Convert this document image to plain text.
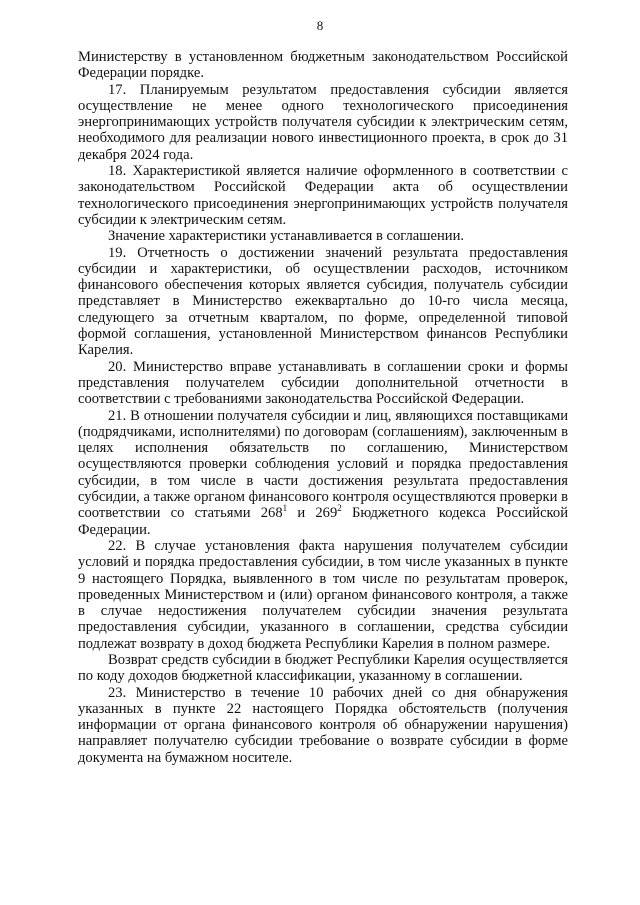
8

Министерству в установленном бюджетным законодательством Российской Федерации порядке.

17. Планируемым результатом предоставления субсидии является осуществление не менее одного технологического присоединения энергопринимающих устройств получателя субсидии к электрическим сетям, необходимого для реализации нового инвестиционного проекта, в срок до 31 декабря 2024 года.

18. Характеристикой является наличие оформленного в соответствии с законодательством Российской Федерации акта об осуществлении технологического присоединения энергопринимающих устройств получателя субсидии к электрическим сетям.

Значение характеристики устанавливается в соглашении.

19. Отчетность о достижении значений результата предоставления субсидии и характеристики, об осуществлении расходов, источником финансового обеспечения которых является субсидия, получатель субсидии представляет в Министерство ежеквартально до 10-го числа месяца, следующего за отчетным кварталом, по форме, определенной типовой формой соглашения, установленной Министерством финансов Республики Карелия.

20. Министерство вправе устанавливать в соглашении сроки и формы представления получателем субсидии дополнительной отчетности в соответствии с требованиями законодательства Российской Федерации.

21. В отношении получателя субсидии и лиц, являющихся поставщиками (подрядчиками, исполнителями) по договорам (соглашениям), заключенным в целях исполнения обязательств по соглашению, Министерством осуществляются проверки соблюдения условий и порядка предоставления субсидии, в том числе в части достижения результата предоставления субсидии, а также органом финансового контроля осуществляются проверки в соответствии со статьями $268^1$ и $269^2$ Бюджетного кодекса Российской Федерации.

22. В случае установления факта нарушения получателем субсидии условий и порядка предоставления субсидии, в том числе указанных в пункте 9 настоящего Порядка, выявленного в том числе по результатам проверок, проведенных Министерством и (или) органом финансового контроля, а также в случае недостижения получателем субсидии значения результата предоставления субсидии, указанного в соглашении, средства субсидии подлежат возврату в доход бюджета Республики Карелия в полном размере.

Возврат средств субсидии в бюджет Республики Карелия осуществляется по коду доходов бюджетной классификации, указанному в соглашении.

23. Министерство в течение 10 рабочих дней со дня обнаружения указанных в пункте 22 настоящего Порядка обстоятельств (получения информации от органа финансового контроля об обнаружении нарушения) направляет получателю субсидии требование о возврате субсидии в форме документа на бумажном носителе.
